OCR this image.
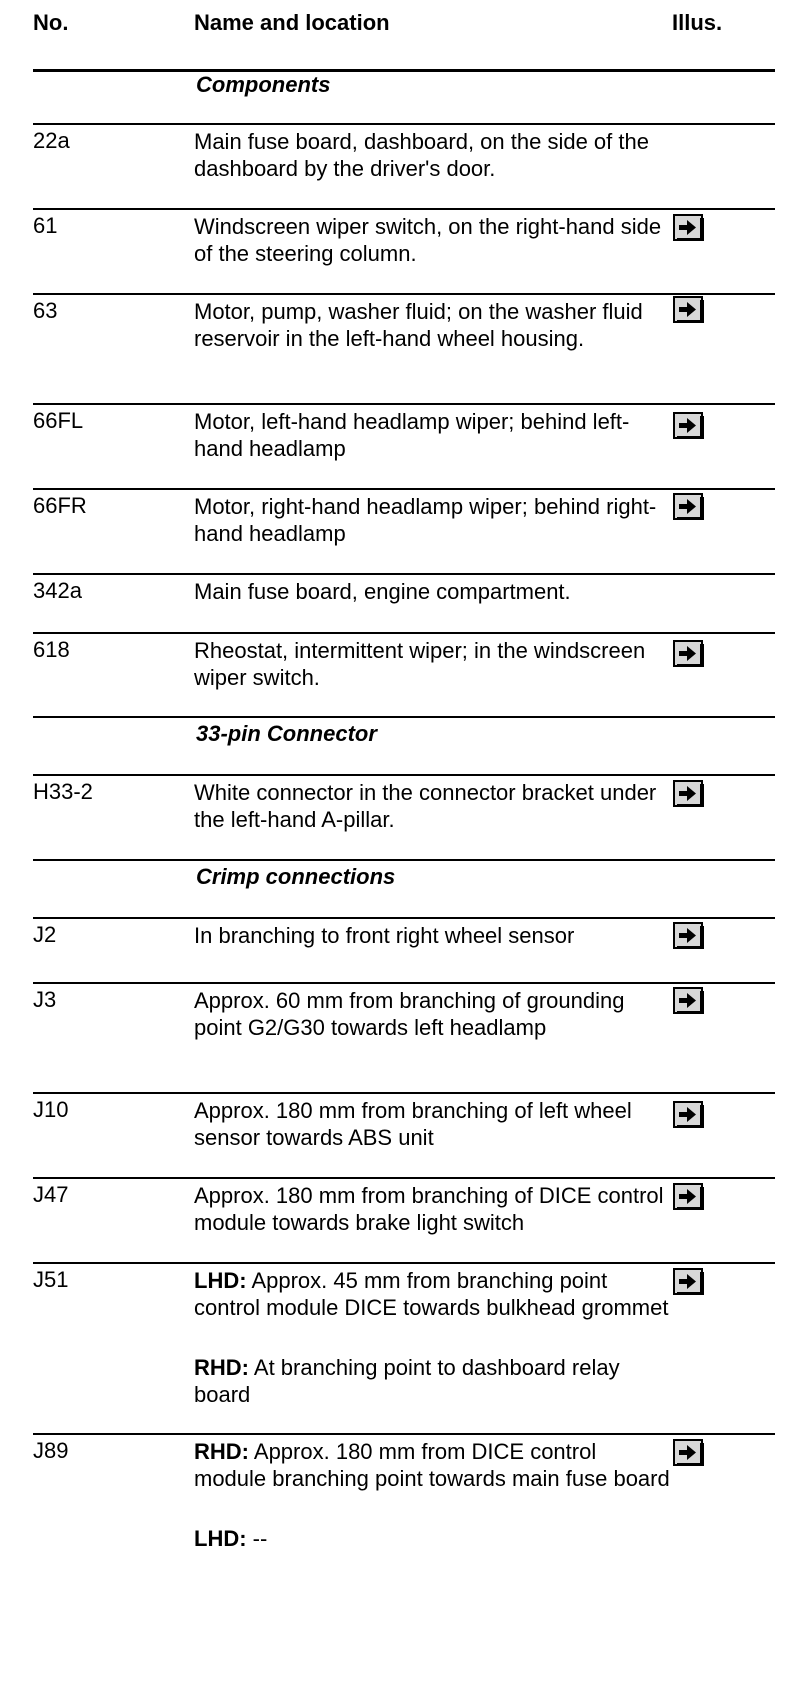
No.	Name and location	Illus.
Components
22a	Main fuse board, dashboard, on the side of the dashboard by the driver's door.
61	Windscreen wiper switch, on the right-hand side of the steering column.
63	Motor, pump, washer fluid; on the washer fluid reservoir in the left-hand wheel housing.
66FL	Motor, left-hand headlamp wiper; behind left-hand headlamp
66FR	Motor, right-hand headlamp wiper; behind right-hand headlamp
342a	Main fuse board, engine compartment.
618	Rheostat, intermittent wiper; in the windscreen wiper switch.
33-pin Connector
H33-2	White connector in the connector bracket under the left-hand A-pillar.
Crimp connections
J2	In branching to front right wheel sensor
J3	Approx. 60 mm from branching of grounding point G2/G30 towards left headlamp
J10	Approx. 180 mm from branching of left wheel sensor towards ABS unit
J47	Approx. 180 mm from branching of DICE control module towards brake light switch
J51	LHD: Approx. 45 mm from branching point control module DICE towards bulkhead grommet
RHD: At branching point to dashboard relay board
J89	RHD: Approx. 180 mm from DICE control module branching point towards main fuse board
LHD: --
